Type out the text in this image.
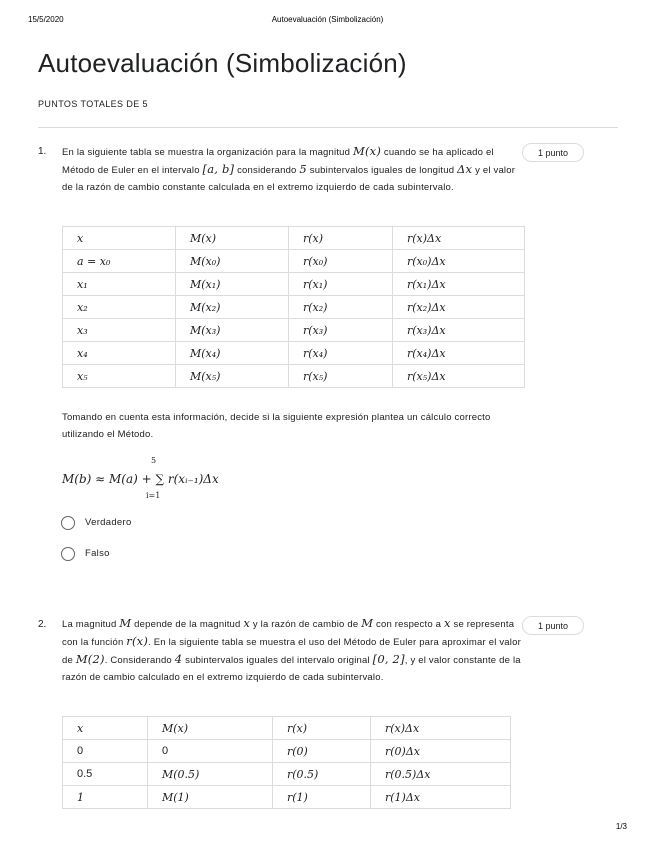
15/5/2020	Autoevaluación (Simbolización)
Autoevaluación (Simbolización)
PUNTOS TOTALES DE 5
1.	1 punto
En la siguiente tabla se muestra la organización para la magnitud M(x) cuando se ha aplicado el Método de Euler en el intervalo [a, b] considerando 5 subintervalos iguales de longitud Δx y el valor de la razón de cambio constante calculada en el extremo izquierdo de cada subintervalo.
x	M(x)	r(x)	r(x)Δx
a = x₀	M(x₀)	r(x₀)	r(x₀)Δx
x₁	M(x₁)	r(x₁)	r(x₁)Δx
x₂	M(x₂)	r(x₂)	r(x₂)Δx
x₃	M(x₃)	r(x₃)	r(x₃)Δx
x₄	M(x₄)	r(x₄)	r(x₄)Δx
x₅	M(x₅)	r(x₅)	r(x₅)Δx
Tomando en cuenta esta información, decide si la siguiente expresión plantea un cálculo correcto utilizando el Método.
5
M(b) ≈ M(a) + ∑ r(xᵢ₋₁)Δx
i=1
Verdadero
Falso
2.	1 punto
La magnitud M depende de la magnitud x y la razón de cambio de M con respecto a x se representa con la función r(x). En la siguiente tabla se muestra el uso del Método de Euler para aproximar el valor de M(2). Considerando 4 subintervalos iguales del intervalo original [0, 2], y el valor constante de la razón de cambio calculado en el extremo izquierdo de cada subintervalo.
x	M(x)	r(x)	r(x)Δx
0	0	r(0)	r(0)Δx
0.5	M(0.5)	r(0.5)	r(0.5)Δx
1	M(1)	r(1)	r(1)Δx
1/3
